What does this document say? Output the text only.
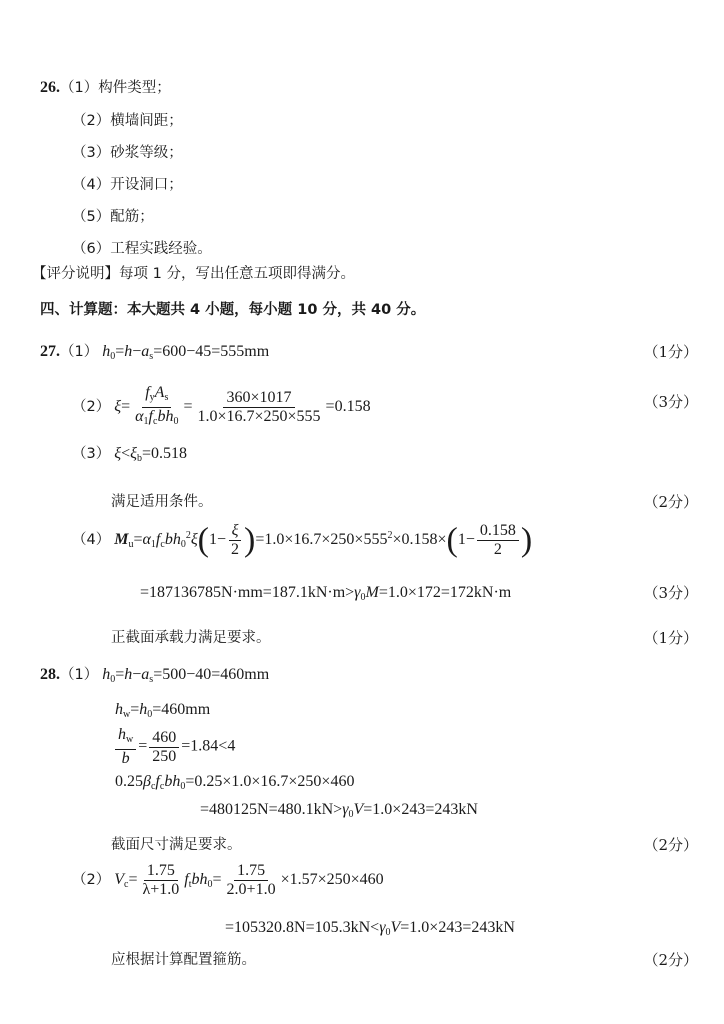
26.（1）构件类型；
（2）横墙间距；
（3）砂浆等级；
（4）开设洞口；
（5）配筋；
（6）工程实践经验。
【评分说明】每项 1 分，写出任意五项即得满分。
四、计算题：本大题共 4 小题，每小题 10 分，共 40 分。
27.（1） $h_0=h-a_s=600-45=555mm$	（1分）
（2） $\xi= \frac{f_yA_s}{\alpha_1f_cbh_0} = \frac{360\times 1017}{1.0\times 16.7\times 250\times 555} =0.158$	（3分）
（3） $\xi<\xi_b=0.518$
满足适用条件。	（2分）
（4） $M_u=\alpha_1f_cbh_0^2\xi(1- \frac{\xi}{2} )=1.0\times 16.7\times 250\times 555^2\times 0.158\times(1- \frac{0.158}{2}$ )
$=187136785N\cdot mm=187.1kN\cdot m>\gamma_0M=1.0\times 172=172kN\cdot m$	（3分）
正截面承载力满足要求。	（1分）
28.（1） $h_0=h-a_s=500-40=460mm$
$h_w=h_0=460mm$
$\frac{h_w}{b} = \frac{460}{250} =1.84<4$
$0.25\beta_cf_cbh_0=0.25\times 1.0\times 16.7\times 250\times 460$
$=480125N=480.1kN>\gamma_0V=1.0\times 243=243kN$
截面尺寸满足要求。	（2分）
（2） $V_c= \frac{1.75}{\lambda+1.0} f_tbh_0= \frac{1.75}{2.0+1.0} \times 1.57\times 250\times 460$
$=105320.8N=105.3kN<\gamma_0V=1.0\times 243=243kN$
应根据计算配置箍筋。	（2分）
